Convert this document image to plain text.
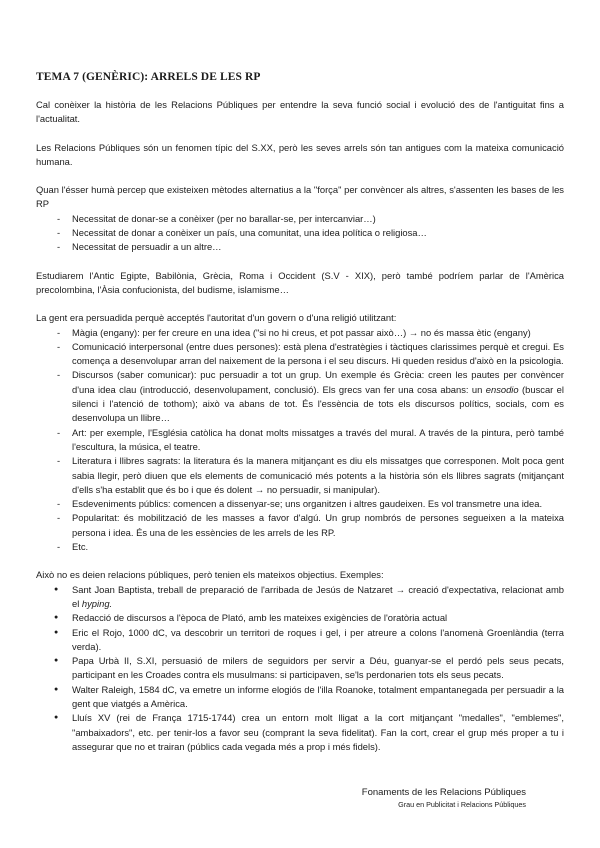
TEMA 7 (GENÈRIC): ARRELS DE LES RP

Cal conèixer la història de les Relacions Públiques per entendre la seva funció social i evolució des de l'antiguitat fins a l'actualitat.

Les Relacions Públiques són un fenomen típic del S.XX, però les seves arrels són tan antigues com la mateixa comunicació humana.

Quan l'ésser humà percep que existeixen mètodes alternatius a la "força" per convèncer als altres, s'assenten les bases de les RP

- Necessitat de donar-se a conèixer (per no barallar-se, per intercanviar…)
- Necessitat de donar a conèixer un país, una comunitat, una idea política o religiosa…
- Necessitat de persuadir a un altre…

Estudiarem l'Antic Egipte, Babilònia, Grècia, Roma i Occident (S.V - XIX), però també podríem parlar de l'Amèrica precolombina, l'Àsia confucionista, del budisme, islamisme…

La gent era persuadida perquè acceptés l'autoritat d'un govern o d'una religió utilitzant:

- Màgia (engany): per fer creure en una idea ("si no hi creus, et pot passar això…) → no és massa ètic (engany)
- Comunicació interpersonal (entre dues persones): està plena d'estratègies i tàctiques clarissimes perquè et cregui. Es comença a desenvolupar arran del naixement de la persona i el seu discurs. Hi queden residus d'això en la psicologia.
- Discursos (saber comunicar): puc persuadir a tot un grup. Un exemple és Grècia: creen les pautes per convèncer d'una idea clau (introducció, desenvolupament, conclusió). Els grecs van fer una cosa abans: un ensodio (buscar el silenci i l'atenció de tothom); això va abans de tot. És l'essència de tots els discursos polítics, socials, com es desenvolupa un llibre…
- Art: per exemple, l'Església catòlica ha donat molts missatges a través del mural. A través de la pintura, però també l'escultura, la música, el teatre.
- Literatura i llibres sagrats: la literatura és la manera mitjançant es diu els missatges que corresponen. Molt poca gent sabia llegir, però diuen que els elements de comunicació més potents a la història són els llibres sagrats (mitjançant d'ells s'ha establit que és bo i que és dolent → no persuadir, si manipular).
- Esdeveniments públics: comencen a dissenyar-se; uns organitzen i altres gaudeixen. Es vol transmetre una idea.
- Popularitat: és mobilització de les masses a favor d'algú. Un grup nombrós de persones segueixen a la mateixa persona i idea. És una de les essències de les arrels de les RP.
- Etc.

Això no es deien relacions públiques, però tenien els mateixos objectius. Exemples:

● Sant Joan Baptista, treball de preparació de l'arribada de Jesús de Natzaret → creació d'expectativa, relacionat amb el hyping.
● Redacció de discursos a l'època de Plató, amb les mateixes exigències de l'oratòria actual
● Eric el Rojo, 1000 dC, va descobrir un territori de roques i gel, i per atreure a colons l'anomenà Groenlàndia (terra verda).
● Papa Urbà II, S.XI, persuasió de milers de seguidors per servir a Déu, guanyar-se el perdó pels seus pecats, participant en les Croades contra els musulmans: si participaven, se'ls perdonarien tots els seus pecats.
● Walter Raleigh, 1584 dC, va emetre un informe elogiós de l'illa Roanoke, totalment empantanegada per persuadir a la gent que viatgés a Amèrica.
● Lluís XV (rei de França 1715-1744) crea un entorn molt lligat a la cort mitjançant "medalles", "emblemes", "ambaixadors", etc. per tenir-los a favor seu (comprant la seva fidelitat). Fan la cort, crear el grup més proper a tu i assegurar que no et trairan (públics cada vegada més a prop i més fidels).
Fonaments de les Relacions Públiques
Grau en Publicitat i Relacions Públiques
